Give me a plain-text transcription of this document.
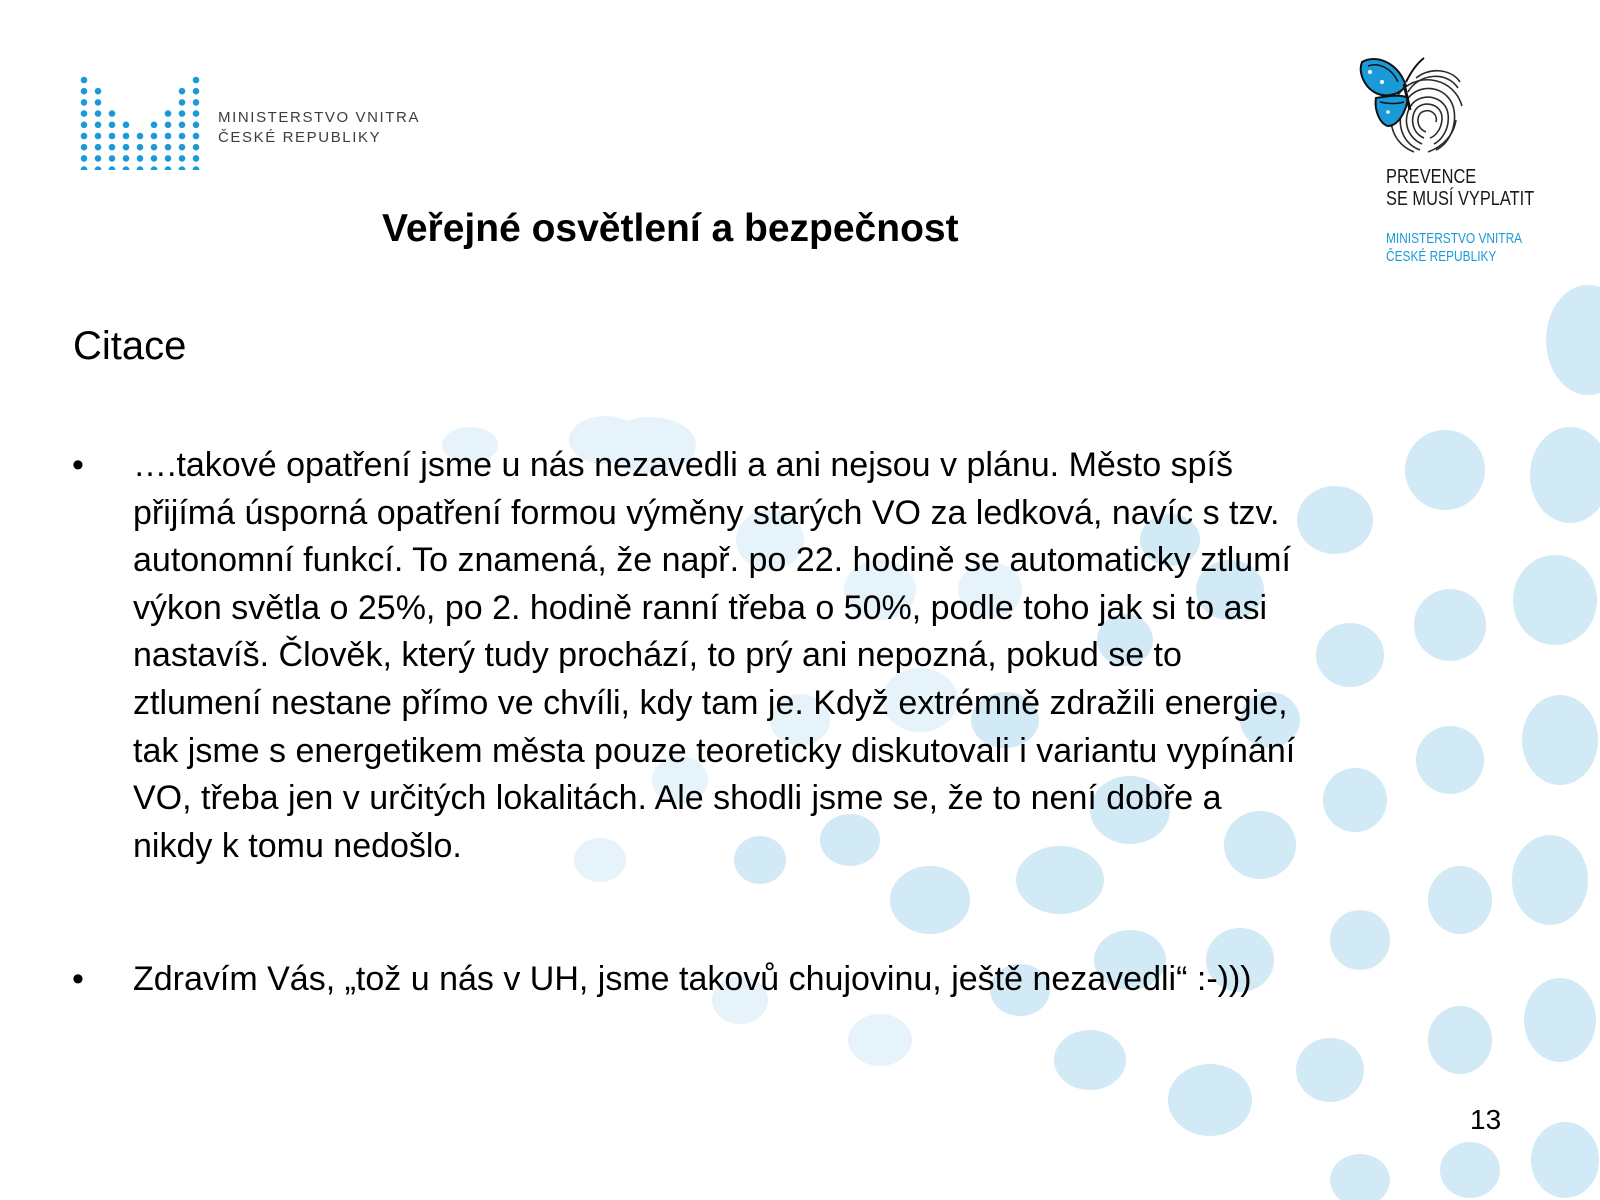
MINISTERSTVO VNITRA
ČESKÉ REPUBLIKY
PREVENCE
SE MUSÍ VYPLATIT
MINISTERSTVO VNITRA
ČESKÉ REPUBLIKY
Veřejné osvětlení a bezpečnost
Citace
• ….takové opatření jsme u nás nezavedli a ani nejsou v plánu. Město spíš
přijímá úsporná opatření formou výměny starých VO za ledková, navíc s tzv.
autonomní funkcí. To znamená, že např. po 22. hodině se automaticky ztlumí
výkon světla o 25%, po 2. hodině ranní třeba o 50%, podle toho jak si to asi
nastavíš. Člověk, který tudy prochází, to prý ani nepozná, pokud se to
ztlumení nestane přímo ve chvíli, kdy tam je. Když extrémně zdražili energie,
tak jsme s energetikem města pouze teoreticky diskutovali i variantu vypínání
VO, třeba jen v určitých lokalitách. Ale shodli jsme se, že to není dobře a
nikdy k tomu nedošlo.
• Zdravím Vás, „tož u nás v UH, jsme takovů chujovinu, ještě nezavedli“ :-)))
13
